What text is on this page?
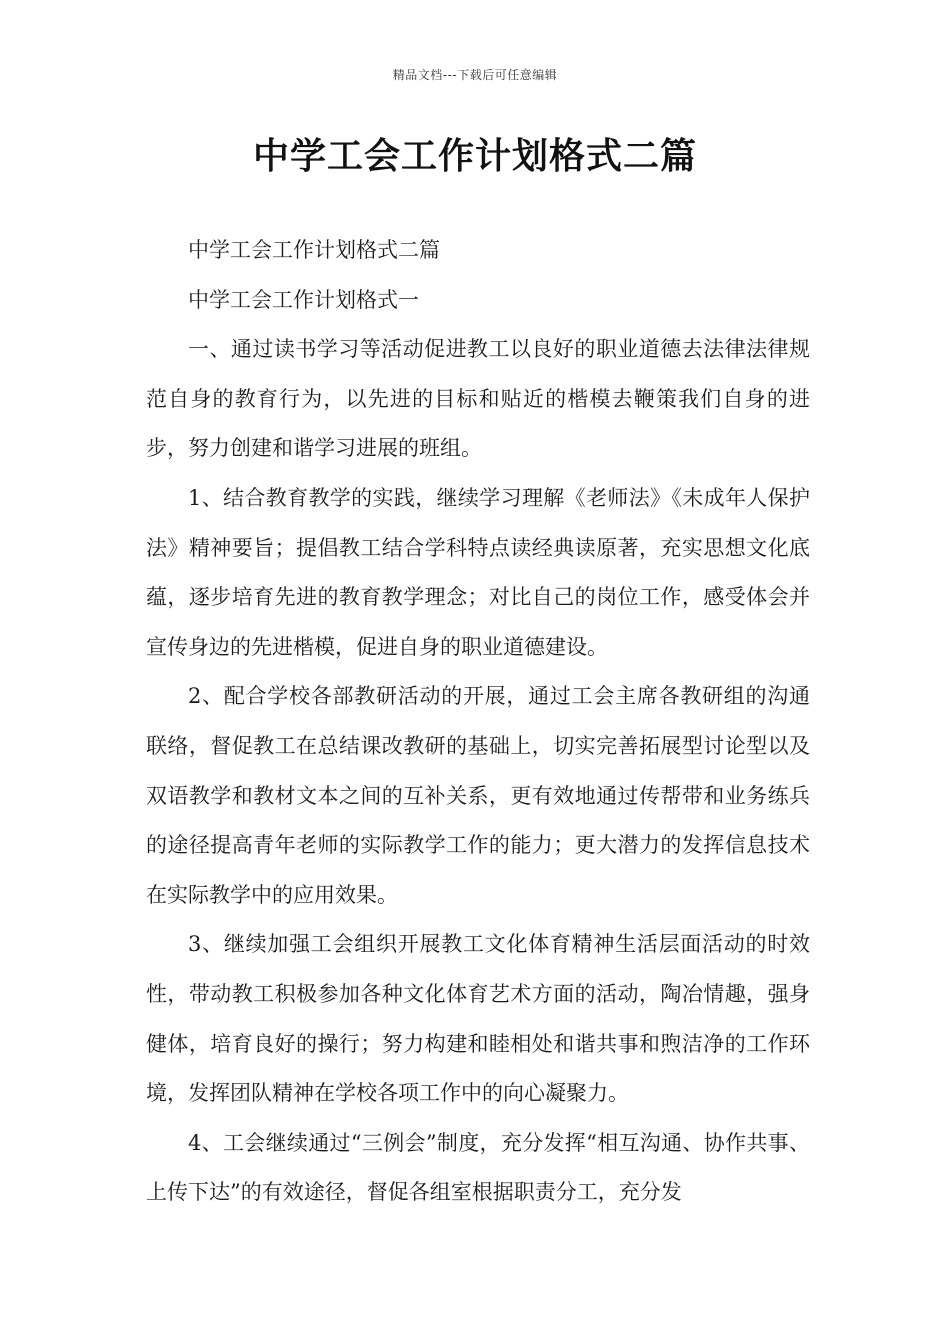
精品文档---下载后可任意编辑
中学工会工作计划格式二篇

中学工会工作计划格式二篇

中学工会工作计划格式一

一、通过读书学习等活动促进教工以良好的职业道德去法律法律规范自身的教育行为，以先进的目标和贴近的楷模去鞭策我们自身的进步，努力创建和谐学习进展的班组。

1、结合教育教学的实践，继续学习理解《老师法》《未成年人保护法》精神要旨；提倡教工结合学科特点读经典读原著，充实思想文化底蕴，逐步培育先进的教育教学理念；对比自己的岗位工作，感受体会并宣传身边的先进楷模，促进自身的职业道德建设。

2、配合学校各部教研活动的开展，通过工会主席各教研组的沟通联络，督促教工在总结课改教研的基础上，切实完善拓展型讨论型以及双语教学和教材文本之间的互补关系，更有效地通过传帮带和业务练兵的途径提高青年老师的实际教学工作的能力；更大潜力的发挥信息技术在实际教学中的应用效果。

3、继续加强工会组织开展教工文化体育精神生活层面活动的时效性，带动教工积极参加各种文化体育艺术方面的活动，陶冶情趣，强身健体，培育良好的操行；努力构建和睦相处和谐共事和煦洁净的工作环境，发挥团队精神在学校各项工作中的向心凝聚力。

4、工会继续通过“三例会”制度，充分发挥“相互沟通、协作共事、上传下达”的有效途径，督促各组室根据职责分工，充分发
